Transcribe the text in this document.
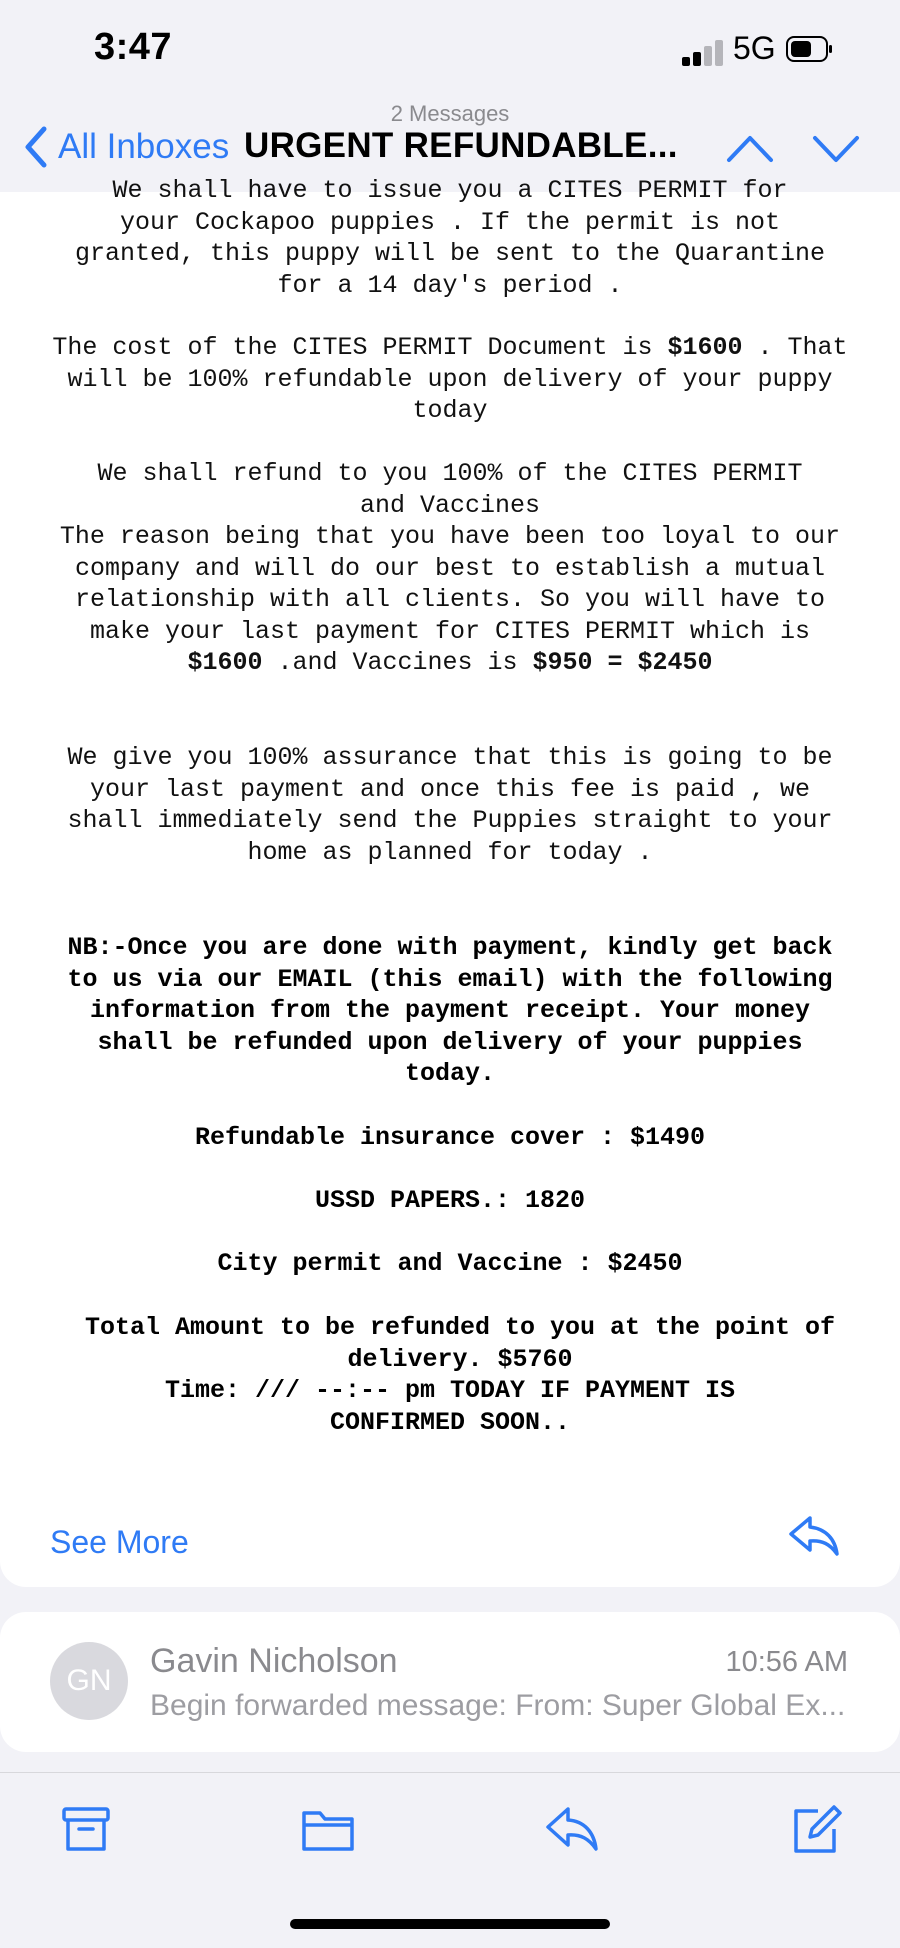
3:47	5G
2 Messages
All Inboxes URGENT REFUNDABLE...
We shall have to issue you a CITES PERMIT for
your Cockapoo puppies . If the permit is not granted, this puppy will be sent to the Quarantine for a 14 day's period .

The cost of the CITES PERMIT Document is $1600 . That will be 100% refundable upon delivery of your puppy today

We shall refund to you 100% of the CITES PERMIT and Vaccines
The reason being that you have been too loyal to our company and will do our best to establish a mutual relationship with all clients. So you will have to make your last payment for CITES PERMIT which is $1600 .and Vaccines is $950 = $2450

We give you 100% assurance that this is going to be your last payment and once this fee is paid , we shall immediately send the Puppies straight to your home as planned for today .

NB:-Once you are done with payment, kindly get back to us via our EMAIL (this email) with the following information from the payment receipt. Your money shall be refunded upon delivery of your puppies today.

Refundable insurance cover : $1490

USSD PAPERS.: 1820

City permit and Vaccine : $2450

Total Amount to be refunded to you at the point of delivery. $5760

Time: /// --:-- pm TODAY IF PAYMENT IS CONFIRMED SOON..

See More
GN
Gavin Nicholson	10:56 AM
Begin forwarded message: From: Super Global Ex...
